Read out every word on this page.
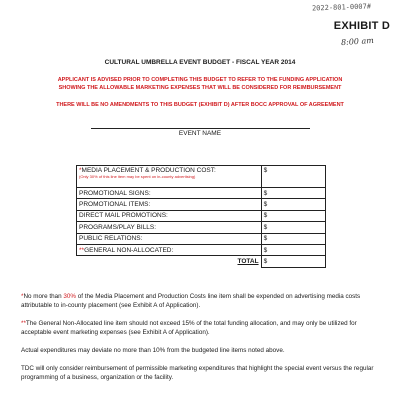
2022-801-0007#
EXHIBIT D
8:00 am
CULTURAL UMBRELLA EVENT BUDGET - FISCAL YEAR 2014
APPLICANT IS ADVISED PRIOR TO COMPLETING THIS BUDGET TO REFER TO THE FUNDING APPLICATION
SHOWING THE ALLOWABLE MARKETING EXPENSES THAT WILL BE CONSIDERED FOR REIMBURSEMENT
THERE WILL BE NO AMENDMENTS TO THIS BUDGET (EXHIBIT D) AFTER BOCC APPROVAL OF AGREEMENT
EVENT NAME
*MEDIA PLACEMENT & PRODUCTION COST:
(Only 30% of this line item may be spent on in-county advertising)	$
PROMOTIONAL SIGNS:	$
PROMOTIONAL ITEMS:	$
DIRECT MAIL PROMOTIONS:	$
PROGRAMS/PLAY BILLS:	$
PUBLIC RELATIONS:	$
**GENERAL NON-ALLOCATED:	$
TOTAL	$
*No more than 30% of the Media Placement and Production Costs line item shall be expended on advertising media costs attributable to in-county placement (see Exhibit A of Application).
**The General Non-Allocated line item should not exceed 15% of the total funding allocation, and may only be utilized for acceptable event marketing expenses (see Exhibit A of Application).
Actual expenditures may deviate no more than 10% from the budgeted line items noted above.
TDC will only consider reimbursement of permissible marketing expenditures that highlight the special event versus the regular programming of a business, organization or the facility.
